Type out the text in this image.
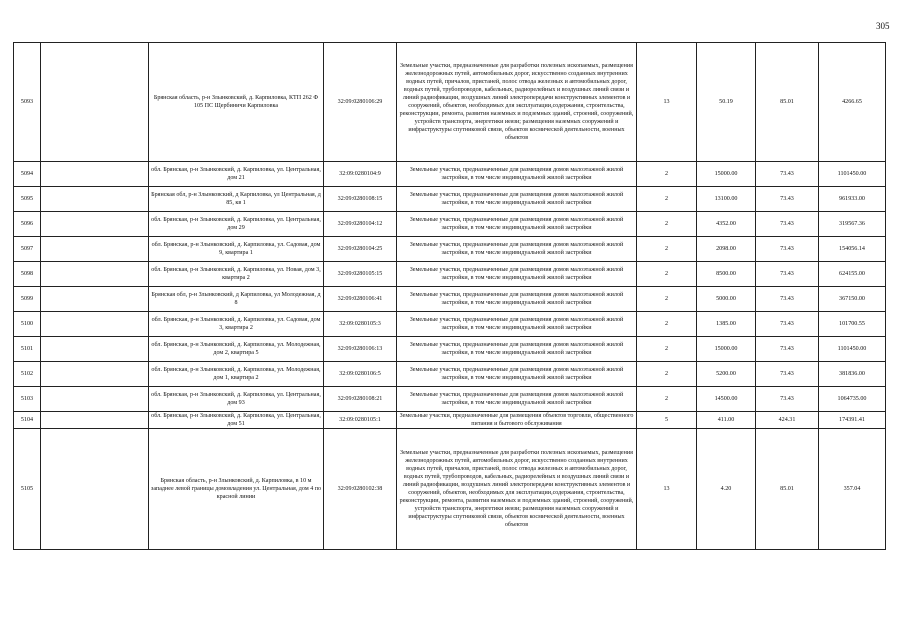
305
5093		Брянская область, р-н Злынковский, д. Карпиловка, КТП 262 Ф 105 ПС Щербиничи Карпиловка	32:09:0280106:29	Земельные участки, предназначенные для разработки полезных ископаемых, размещения железнодорожных путей, автомобильных дорог, искусственно созданных внутренних водных путей, причалов, пристаней, полос отвода железных и автомобильных дорог, водных путей, трубопроводов, кабельных, радиорелейных и воздушных линий связи и линий радиофикации, воздушных линий электропередачи конструктивных элементов и сооружений, объектов, необходимых для эксплуатации,содержания, строительства, реконструкции, ремонта, развития наземных и подземных зданий, строений, сооружений, устройств транспорта, энергетики иеязи; размещения наземных сооружений и инфраструктуры спутниковой связи, объектов космической деятельности, военных объектов	13	50.19	85.01	4266.65
5094		обл. Брянская, р-н Злынковский, д. Карпиловка, ул. Центральная, дом 21	32:09:0280104:9	Земельные участки, предназначенные для размещения домов малоэтажной жилой застройки, в том числе индивидуальной жилой застройки	2	15000.00	73.43	1101450.00
5095		Брянская обл, р-н Злынковский, д Карпиловка, ул Центральная, д 85, кв 1	32:09:0280108:15	Земельные участки, предназначенные для размещения домов малоэтажной жилой застройки, в том числе индивидуальной жилой застройки	2	13100.00	73.43	961933.00
5096		обл. Брянская, р-н Злынковский, д. Карпиловка, ул. Центральная, дом 29	32:09:0280104:12	Земельные участки, предназначенные для размещения домов малоэтажной жилой застройки, в том числе индивидуальной жилой застройки	2	4352.00	73.43	319567.36
5097		обл. Брянская, р-н Злынковский, д. Карпиловка, ул. Садовая, дом 9, квартира 1	32:09:0280104:25	Земельные участки, предназначенные для размещения домов малоэтажной жилой застройки, в том числе индивидуальной жилой застройки	2	2098.00	73.43	154056.14
5098		обл. Брянская, р-н Злынковский, д. Карпиловка, ул. Новая, дом 3, квартира 2	32:09:0280105:15	Земельные участки, предназначенные для размещения домов малоэтажной жилой застройки, в том числе индивидуальной жилой застройки	2	8500.00	73.43	624155.00
5099		Брянская обл, р-н Злынковский, д Карпиловка, ул Молодежная, д 8	32:09:0280106:41	Земельные участки, предназначенные для размещения домов малоэтажной жилой застройки, в том числе индивидуальной жилой застройки	2	5000.00	73.43	367150.00
5100		обл. Брянская, р-н Злынковский, д. Карпиловка, ул. Садовая, дом 3, квартира 2	32:09:0280105:3	Земельные участки, предназначенные для размещения домов малоэтажной жилой застройки, в том числе индивидуальной жилой застройки	2	1385.00	73.43	101700.55
5101		обл. Брянская, р-н Злынковский, д. Карпиловка, ул. Молодежная, дом 2, квартира 5	32:09:0280106:13	Земельные участки, предназначенные для размещения домов малоэтажной жилой застройки, в том числе индивидуальной жилой застройки	2	15000.00	73.43	1101450.00
5102		обл. Брянская, р-н Злынковский, д. Карпиловка, ул. Молодежная, дом 1, квартира 2	32:09:0280106:5	Земельные участки, предназначенные для размещения домов малоэтажной жилой застройки, в том числе индивидуальной жилой застройки	2	5200.00	73.43	381836.00
5103		обл. Брянская, р-н Злынковский, д. Карпиловка, ул. Центральная, дом 93	32:09:0280108:21	Земельные участки, предназначенные для размещения домов малоэтажной жилой застройки, в том числе индивидуальной жилой застройки	2	14500.00	73.43	1064735.00
5104		обл. Брянская, р-н Злынковский, д. Карпиловка, ул. Центральная, дом 51	32:09:0280105:1	Земельные участки, предназначенные для размещения объектов торговли, общественного питания и бытового обслуживания	5	411.00	424.31	174391.41
5105		Брянская область, р-н Злынковский, д. Карпиловка, в 10 м западнее левой границы домовладения ул. Центральная, дом 4 по красной линии	32:09:0280102:38	Земельные участки, предназначенные для разработки полезных ископаемых, размещения железнодорожных путей, автомобильных дорог, искусственно созданных внутренних водных путей, причалов, пристаней, полос отвода железных и автомобильных дорог, водных путей, трубопроводов, кабельных, радиорелейных и воздушных линий связи и линий радиофикации, воздушных линий электропередачи конструктивных элементов и сооружений, объектов, необходимых для эксплуатации,содержания, строительства, реконструкции, ремонта, развития наземных и подземных зданий, строений, сооружений, устройств транспорта, энергетики иеязи; размещения наземных сооружений и инфраструктуры спутниковой связи, объектов космической деятельности, военных объектов	13	4.20	85.01	357.04
